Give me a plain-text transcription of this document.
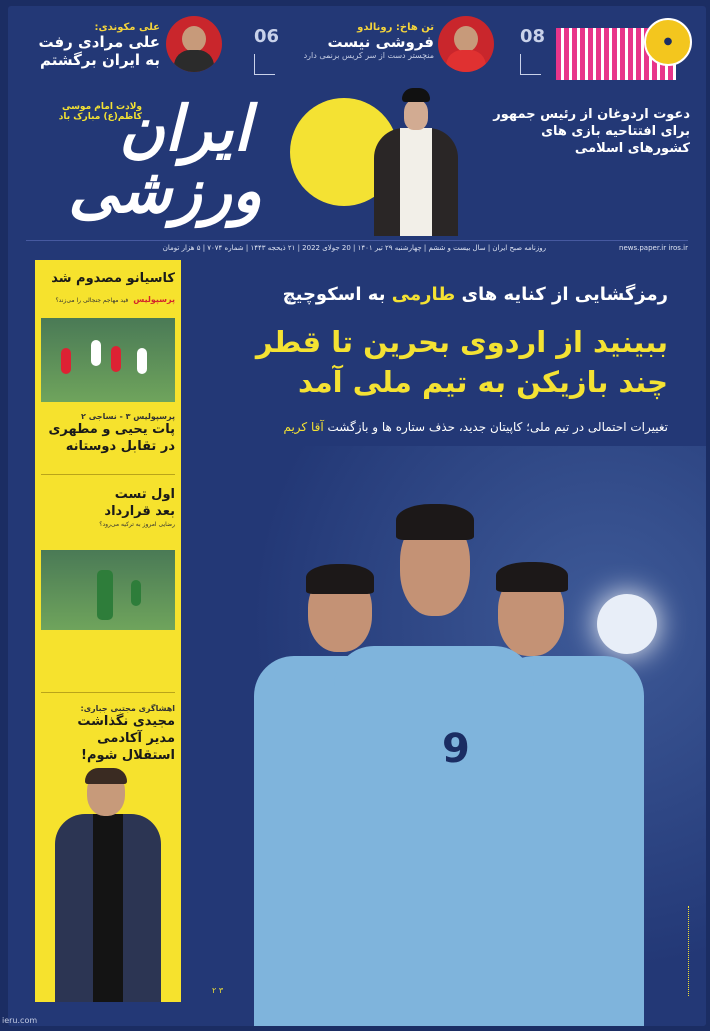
علی مکوندی:
علی مرادی رفت
به ایران برگشتم
06	تن هاخ: رونالدو
فروشی نیست
منچستر دست از سر کریس برنمی دارد
08	●
ولادت امام موسی کاظم(ع) مبارک باد
ایران
ورزشی
دعوت اردوغان از رئیس جمهور
برای افتتاحیه بازی های
کشورهای اسلامی
روزنامه صبح ایران | سال بیست و ششم | چهارشنبه ۲۹ تیر ۱۴۰۱ | 20 جولای 2022 | ۲۱ ذیحجه ۱۴۴۳ | شماره ۷۰۷۴ | ۵ هزار تومان	news.paper.ir iros.ir
کاسیانو مصدوم شد
پرسپولیس فید مهاجم جنجالی را می‌زند؟
پرسپولیس ۳ - نساجی ۲
پات یحیی و مطهری
در تقابل دوستانه
اول تست
بعد قرارداد
رضایی امروز به ترکیه می‌رود؟
اهشاگری مجتبی جباری:
مجیدی نگذاشت
مدیر آکادمی
استقلال شوم!
رمزگشایی از کنایه های طارمی به اسکوچیچ
ببینید از اردوی بحرین تا قطر
چند بازیکن به تیم ملی آمد
تغییرات احتمالی در تیم ملی؛ کاپیتان جدید، حذف ستاره ها و بازگشت آقا کریم
9
۲ ۳
ieru.com
